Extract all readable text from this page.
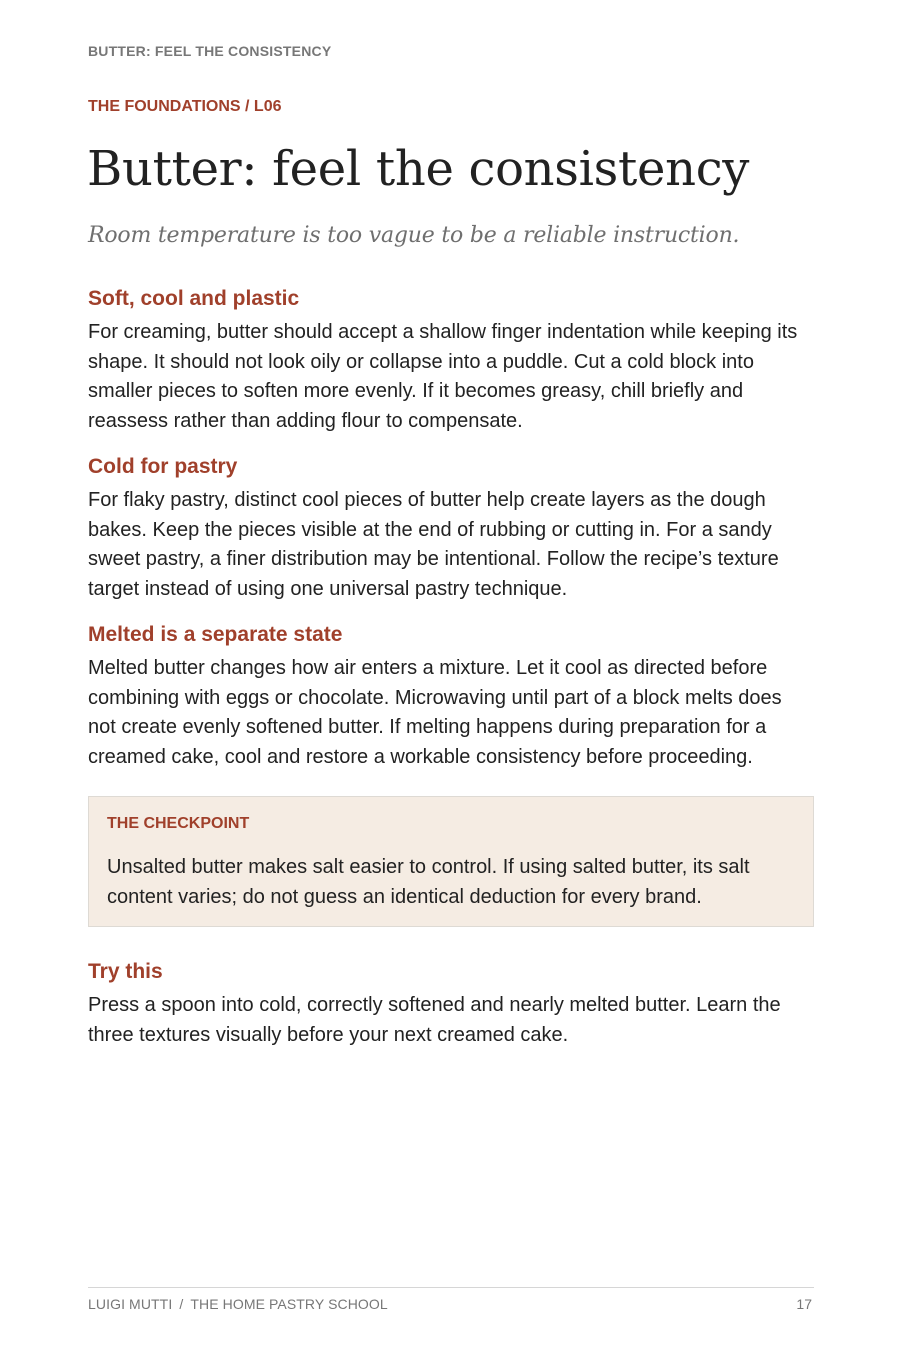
BUTTER: FEEL THE CONSISTENCY
THE FOUNDATIONS / L06
Butter: feel the consistency

Room temperature is too vague to be a reliable instruction.

Soft, cool and plastic

For creaming, butter should accept a shallow finger indentation while keeping its shape. It should not look oily or collapse into a puddle. Cut a cold block into smaller pieces to soften more evenly. If it becomes greasy, chill briefly and reassess rather than adding flour to compensate.

Cold for pastry

For flaky pastry, distinct cool pieces of butter help create layers as the dough bakes. Keep the pieces visible at the end of rubbing or cutting in. For a sandy sweet pastry, a finer distribution may be intentional. Follow the recipe’s texture target instead of using one universal pastry technique.

Melted is a separate state

Melted butter changes how air enters a mixture. Let it cool as directed before combining with eggs or chocolate. Microwaving until part of a block melts does not create evenly softened butter. If melting happens during preparation for a creamed cake, cool and restore a workable consistency before proceeding.

THE CHECKPOINT

Unsalted butter makes salt easier to control. If using salted butter, its salt content varies; do not guess an identical deduction for every brand.

Try this

Press a spoon into cold, correctly softened and nearly melted butter. Learn the three textures visually before your next creamed cake.

LUIGI MUTTI / THE HOME PASTRY SCHOOL	17
